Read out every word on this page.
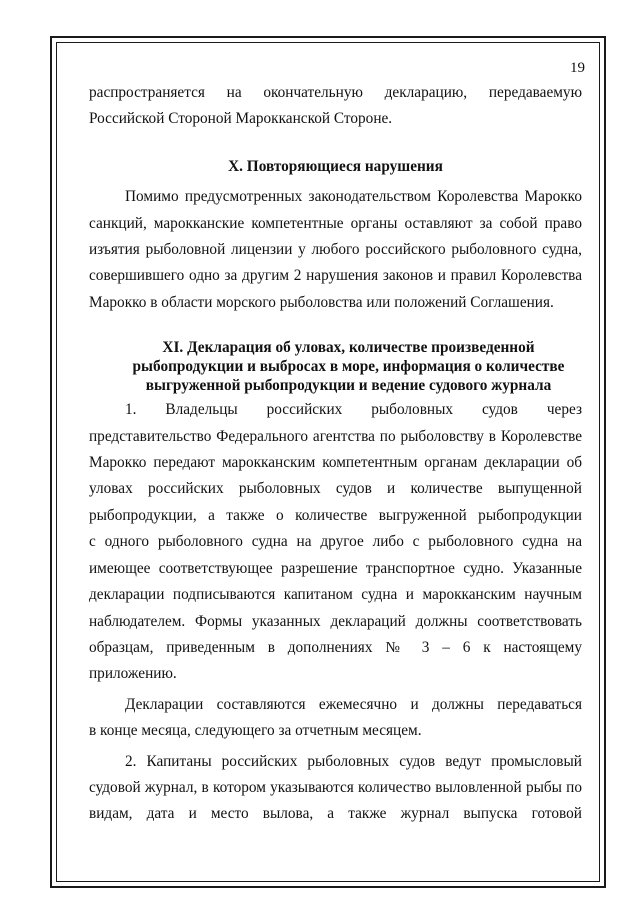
19

распространяется на окончательную декларацию, передаваемую
Российской Стороной Марокканской Стороне.

X. Повторяющиеся нарушения

Помимо предусмотренных законодательством Королевства Марокко
санкций, марокканские компетентные органы оставляют за собой право
изъятия рыболовной лицензии у любого российского рыболовного судна,
совершившего одно за другим 2 нарушения законов и правил Королевства
Марокко в области морского рыболовства или положений Соглашения.

XI. Декларация об уловах, количестве произведенной
рыбопродукции и выбросах в море, информация о количестве
выгруженной рыбопродукции и ведение судового журнала

1. Владельцы российских рыболовных судов через
представительство Федерального агентства по рыболовству в Королевстве
Марокко передают марокканским компетентным органам декларации об
уловах российских рыболовных судов и количестве выпущенной
рыбопродукции, а также о количестве выгруженной рыбопродукции
с одного рыболовного судна на другое либо с рыболовного судна на
имеющее соответствующее разрешение транспортное судно. Указанные
декларации подписываются капитаном судна и марокканским научным
наблюдателем. Формы указанных деклараций должны соответствовать
образцам, приведенным в дополнениях № 3 – 6 к настоящему
приложению.

Декларации составляются ежемесячно и должны передаваться
в конце месяца, следующего за отчетным месяцем.

2. Капитаны российских рыболовных судов ведут промысловый
судовой журнал, в котором указываются количество выловленной рыбы по
видам, дата и место вылова, а также журнал выпуска готовой
